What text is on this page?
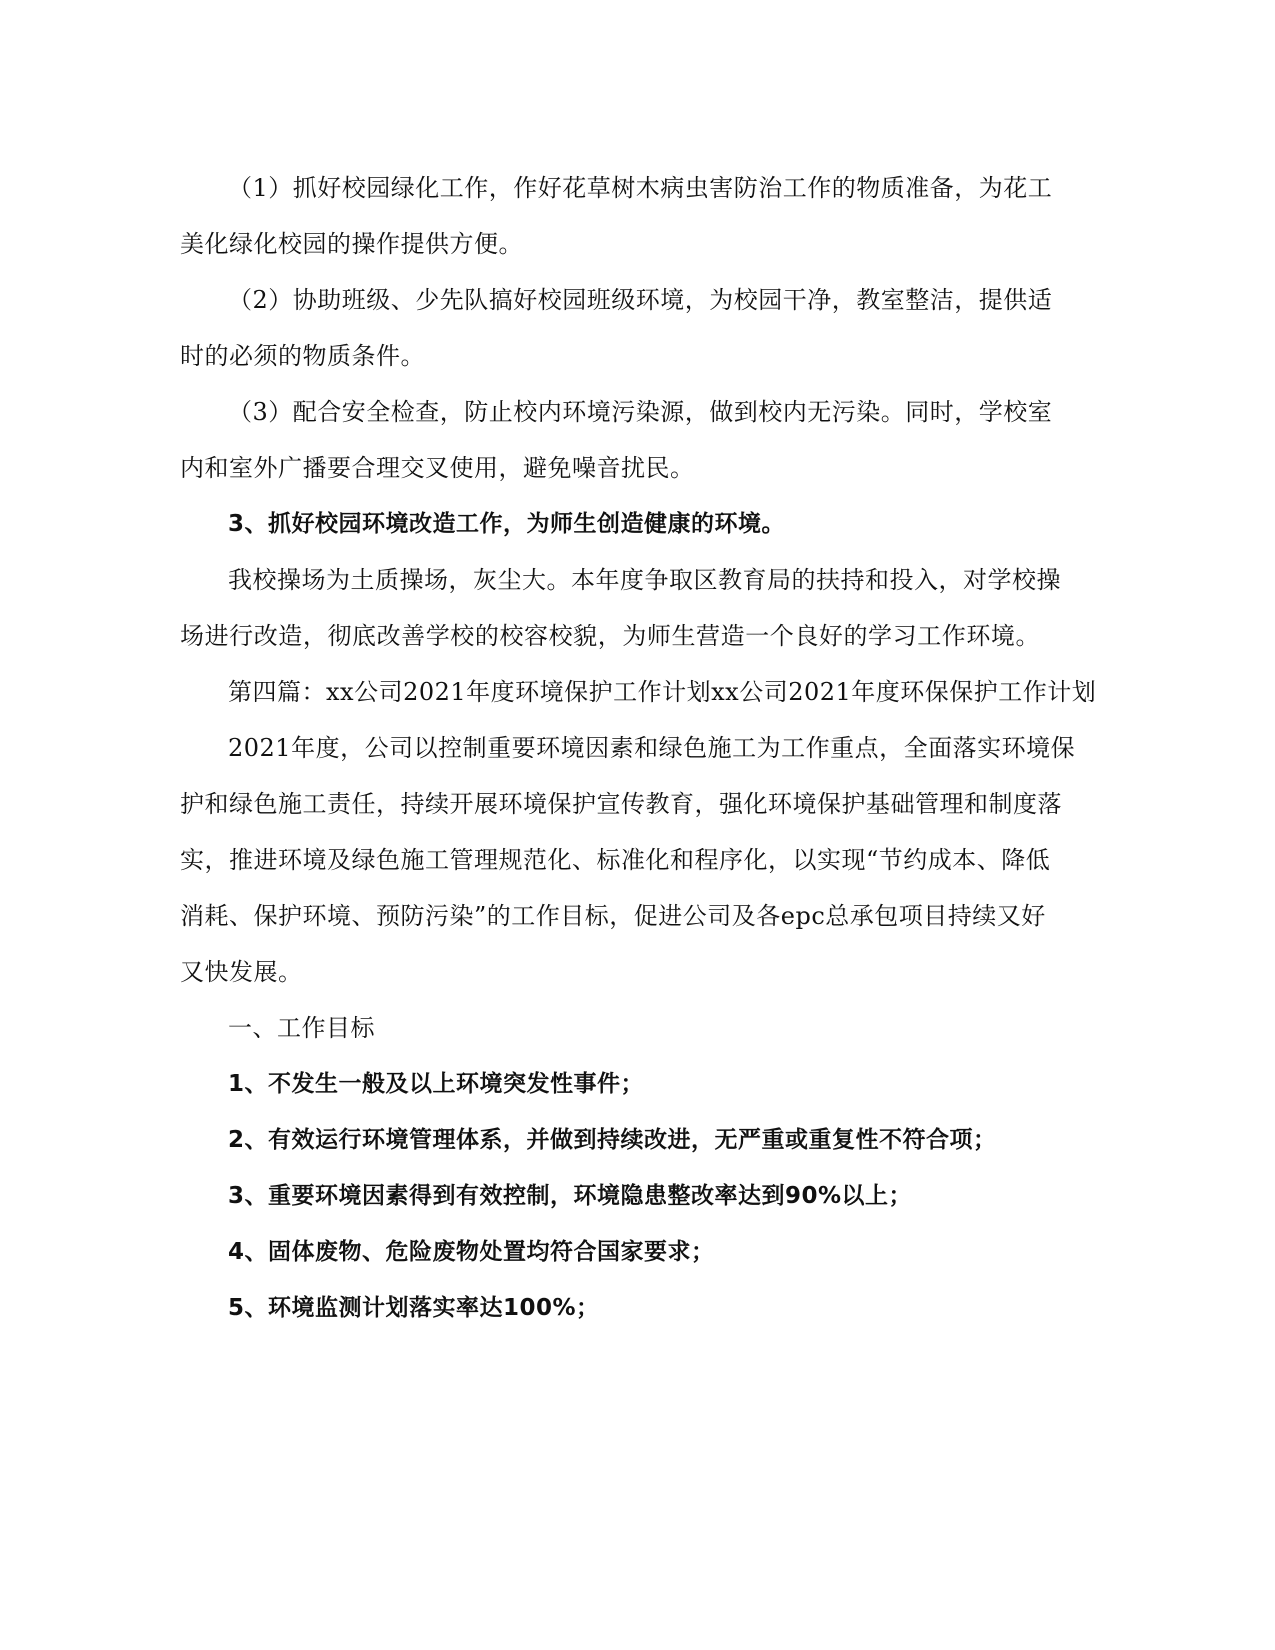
（1）抓好校园绿化工作，作好花草树木病虫害防治工作的物质准备，为花工
美化绿化校园的操作提供方便。
（2）协助班级、少先队搞好校园班级环境，为校园干净，教室整洁，提供适
时的必须的物质条件。
（3）配合安全检查，防止校内环境污染源，做到校内无污染。同时，学校室
内和室外广播要合理交叉使用，避免噪音扰民。
3、抓好校园环境改造工作，为师生创造健康的环境。
我校操场为土质操场，灰尘大。本年度争取区教育局的扶持和投入，对学校操
场进行改造，彻底改善学校的校容校貌，为师生营造一个良好的学习工作环境。
第四篇：xx公司2021年度环境保护工作计划xx公司2021年度环保保护工作计划
2021年度，公司以控制重要环境因素和绿色施工为工作重点，全面落实环境保
护和绿色施工责任，持续开展环境保护宣传教育，强化环境保护基础管理和制度落
实，推进环境及绿色施工管理规范化、标准化和程序化，以实现“节约成本、降低
消耗、保护环境、预防污染”的工作目标，促进公司及各epc总承包项目持续又好
又快发展。
一、工作目标
1、不发生一般及以上环境突发性事件；
2、有效运行环境管理体系，并做到持续改进，无严重或重复性不符合项；
3、重要环境因素得到有效控制，环境隐患整改率达到90%以上；
4、固体废物、危险废物处置均符合国家要求；
5、环境监测计划落实率达100%；
